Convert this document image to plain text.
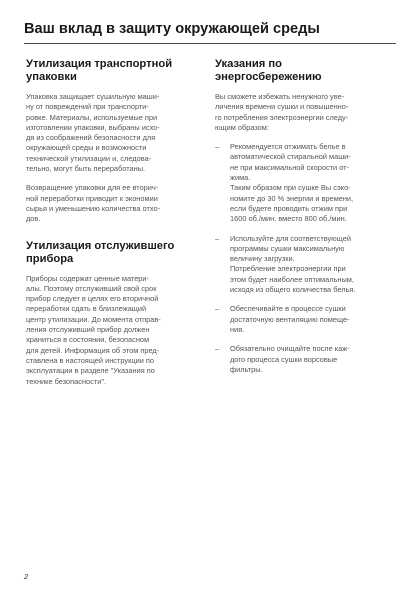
Ваш вклад в защиту окружающей среды
Утилизация транспортной
упаковки
Упаковка защищает сушильную маши-
ну от повреждений при транспорти-
ровке. Материалы, используемые при
изготовлении упаковки, выбраны исхо-
дя из соображений безопасности для
окружающей среды и возможности
технической утилизации и, следова-
тельно, могут быть переработаны.
Возвращение упаковки для ее вторич-
ной переработки приводит к экономии
сырья и уменьшению количества отхо-
дов.
Утилизация отслужившего
прибора
Приборы содержат ценные матери-
алы. Поэтому отслуживший свой срок
прибор следует в целях его вторичной
переработки сдать в близлежащий
центр утилизации. До момента отправ-
ления отслуживший прибор должен
храниться в состоянии, безопасном
для детей. Информация об этом пред-
ставлена в настоящей инструкции по
эксплуатации в разделе "Указания по
технике безопасности".
Указания по
энергосбережению
Вы сможете избежать ненужного уве-
личения времени сушки и повышенно-
го потребления электроэнергии следу-
ющим образом:
– Рекомендуется отжимать белье в
автоматической стиральной маши-
не при максимальной скорости от-
жима.
Таким образом при сушке Вы сэко-
номите до 30 % энергии и времени,
если будете проводить отжим при
1600 об./мин. вместо 800 об./мин.
– Используйте для соответствующей
программы сушки максимальную
величину загрузки.
Потребление электроэнергии при
этом будет наиболее оптимальным,
исходя из общего количества белья.
– Обеспечивайте в процессе сушки
достаточную вентиляцию помеще-
ния.
– Обязательно очищайте после каж-
дого процесса сушки ворсовые
фильтры.
2
